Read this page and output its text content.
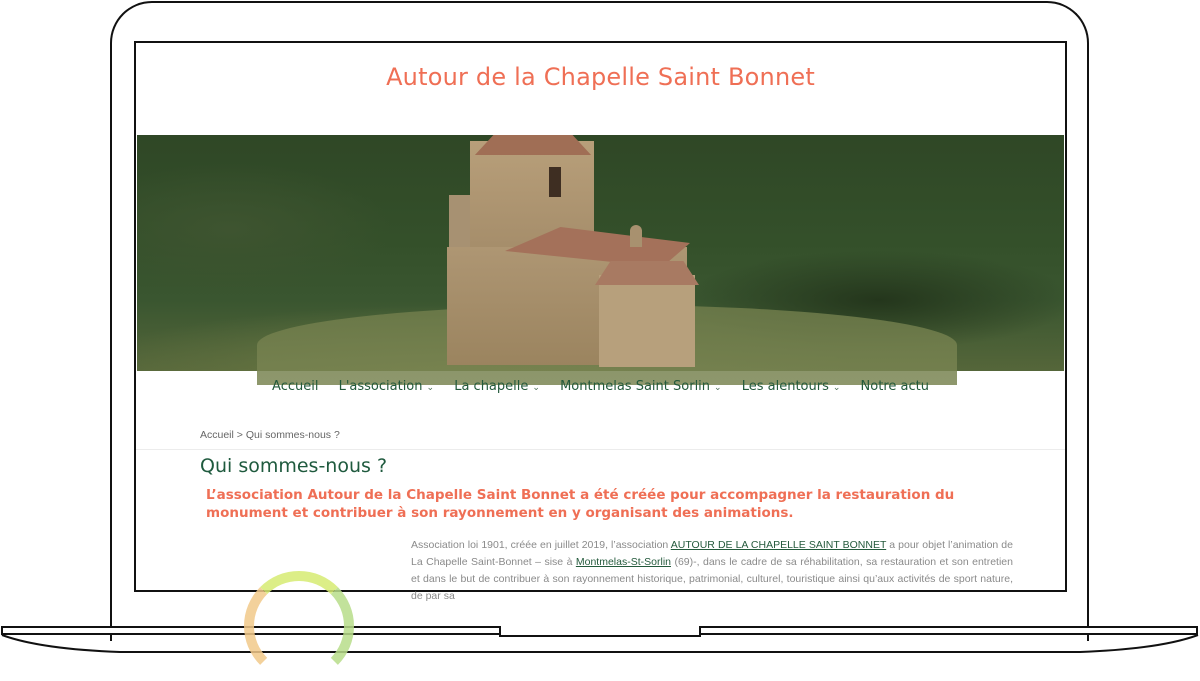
Autour de la Chapelle Saint Bonnet
Accueil L'association ⌄ La chapelle ⌄ Montmelas Saint Sorlin ⌄ Les alentours ⌄ Notre actu
Accueil > Qui sommes-nous ?
Qui sommes-nous ?

L’association Autour de la Chapelle Saint Bonnet a été créée pour accompagner la restauration du monument et contribuer à son rayonnement en y organisant des animations.

Association loi 1901, créée en juillet 2019, l’association AUTOUR DE LA CHAPELLE SAINT BONNET a pour objet l’animation de La Chapelle Saint-Bonnet – sise à Montmelas-St-Sorlin (69)-, dans le cadre de sa réhabilitation, sa restauration et son entretien et dans le but de contribuer à son rayonnement historique, patrimonial, culturel, touristique ainsi qu’aux activités de sport nature, de par sa
